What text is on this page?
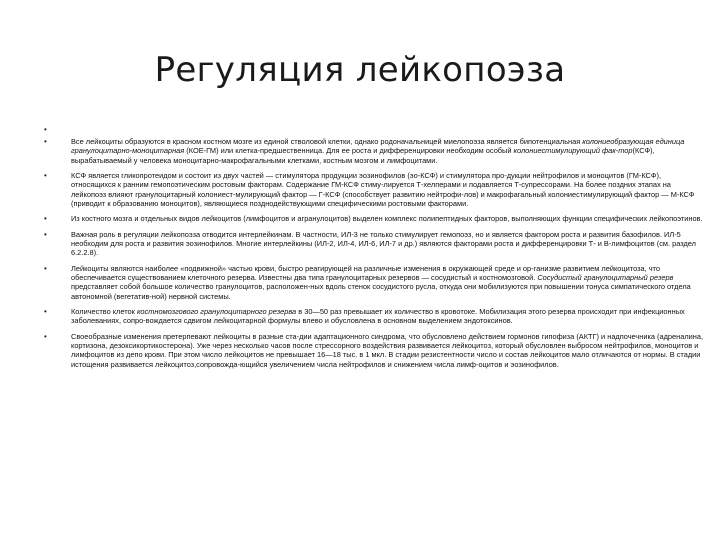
Регуляция лейкопоэза
•
• Все лейкоциты образуются в красном костном мозге из единой стволовой клетки, однако родоначальницей миелопоэза является бипотенциальная колониеобразующая единица гранулоцитарно-моноцитарная (КОЕ-ГМ) или клетка-предшественница. Для ее роста и дифференцировки необходим особый колониестимулирующий фак-тор(КСФ), вырабатываемый у человека моноцитарно-макрофагальными клетками, костным мозгом и лимфоцитами.
• КСФ является гликопротеидом и состоит из двух частей — стимулятора продукции эозинофилов (эо-КСФ) и стимулятора про-дукции нейтрофилов и моноцитов (ГМ-КСФ), относящихся к ранним гемопоэтическим ростовым факторам. Содержание ГМ-КСФ стиму-лируется Т-хелперами и подавляется Т-супрессорами. На более поздних этапах на лейкопоэз влияют гранулоцитарный колониест-мулирующий фактор — Г-КСФ (способствует развитию нейтрофи-лов) и макрофагальный колониестимулирующий фактор — М-КСФ (приводит к образованию моноцитов), являющиеся позднодействующими специфическими ростовыми факторами.
• Из костного мозга и отдельных видов лейкоцитов (лимфоцитов и агранулоцитов) выделен комплекс полипептидных факторов, выполняющих функции специфических лейкопоэтинов.
• Важная роль в регуляции лейкопоэза отводится интерлейкинам. В частности, ИЛ-3 не только стимулирует гемопоэз, но и является фактором роста и развития базофилов. ИЛ-5 необходим для роста и развития эозинофилов. Многие интерлейкины (ИЛ-2, ИЛ-4, ИЛ-6, ИЛ-7 и др.) являются факторами роста и дифференцировки Т- и В-лимфоцитов (см. раздел 6.2.2.8).
• Лейкоциты являются наиболее «подвижной» частью крови, быстро реагирующей на различные изменения в окружающей среде и ор-ганизме развитием лейкоцитоза, что обеспечивается существованием клеточного резерва. Известны два типа гранулоцитарных резервов — сосудистый и костномозговой. Сосудистый гранулоцитарный резерв представляет собой большое количество гранулоцитов, расположен-ных вдоль стенок сосудистого русла, откуда они мобилизуются при повышении тонуса симпатического отдела автономной (вегетатив-ной) нервной системы.
• Количество клеток костномозгового гранулоцитарного резерва в 30—50 раз превышает их количество в кровотоке. Мобилизация этого резерва происходит при инфекционных заболеваниях, сопро-вождается сдвигом лейкоцитарной формулы влево и обусловлена в основном выделением эндотоксинов.
• Своеобразные изменения претерпевают лейкоциты в разные ста-дии адаптационного синдрома, что обусловлено действием гормонов гипофиза (АКТГ) и надпочечника (адреналина, кортизона, дезоксикортикостерона). Уже через несколько часов после стрессорного воздействия развивается лейкоцитоз, который обусловлен выбросом нейтрофилов, моноцитов и лимфоцитов из депо крови. При этом число лейкоцитов не превышает 16—18 тыс. в 1 мкл. В стадии резистентности число и состав лейкоцитов мало отличаются от нормы. В стадии истощения развивается лейкоцитоз,сопровожда-ющийся увеличением числа нейтрофилов и снижением числа лимф-оцитов и эозинофилов.
